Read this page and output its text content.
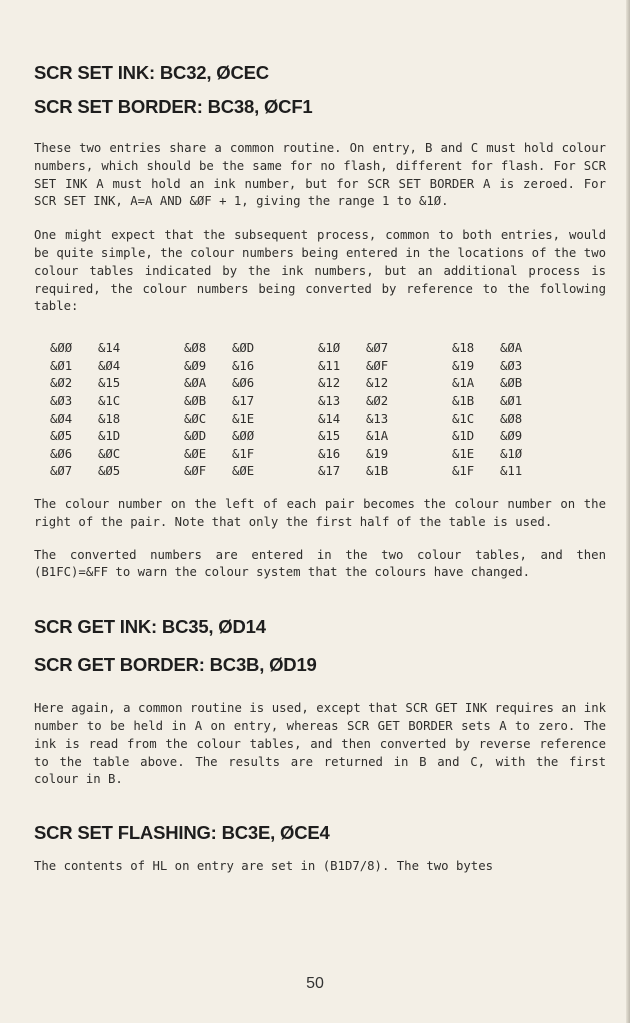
SCR SET INK: BC32, ØCEC
SCR SET BORDER: BC38, ØCF1

These two entries share a common routine. On entry, B and C must hold colour numbers, which should be the same for no flash, different for flash. For SCR SET INK A must hold an ink number, but for SCR SET BORDER A is zeroed. For SCR SET INK, A=A AND &ØF + 1, giving the range 1 to &1Ø.

One might expect that the subsequent process, common to both entries, would be quite simple, the colour numbers being entered in the locations of the two colour tables indicated by the ink numbers, but an additional process is required, the colour numbers being converted by reference to the following table:

&ØØ	&14	&Ø8	&ØD	&1Ø	&Ø7	&18	&ØA
&Ø1	&Ø4	&Ø9	&16	&11	&ØF	&19	&Ø3
&Ø2	&15	&ØA	&Ø6	&12	&12	&1A	&ØB
&Ø3	&1C	&ØB	&17	&13	&Ø2	&1B	&Ø1
&Ø4	&18	&ØC	&1E	&14	&13	&1C	&Ø8
&Ø5	&1D	&ØD	&ØØ	&15	&1A	&1D	&Ø9
&Ø6	&ØC	&ØE	&1F	&16	&19	&1E	&1Ø
&Ø7	&Ø5	&ØF	&ØE	&17	&1B	&1F	&11

The colour number on the left of each pair becomes the colour number on the right of the pair. Note that only the first half of the table is used.

The converted numbers are entered in the two colour tables, and then (B1FC)=&FF to warn the colour system that the colours have changed.

SCR GET INK: BC35, ØD14
SCR GET BORDER: BC3B, ØD19

Here again, a common routine is used, except that SCR GET INK requires an ink number to be held in A on entry, whereas SCR GET BORDER sets A to zero. The ink is read from the colour tables, and then converted by reverse reference to the table above. The results are returned in B and C, with the first colour in B.

SCR SET FLASHING: BC3E, ØCE4

The contents of HL on entry are set in (B1D7/8). The two bytes

50
